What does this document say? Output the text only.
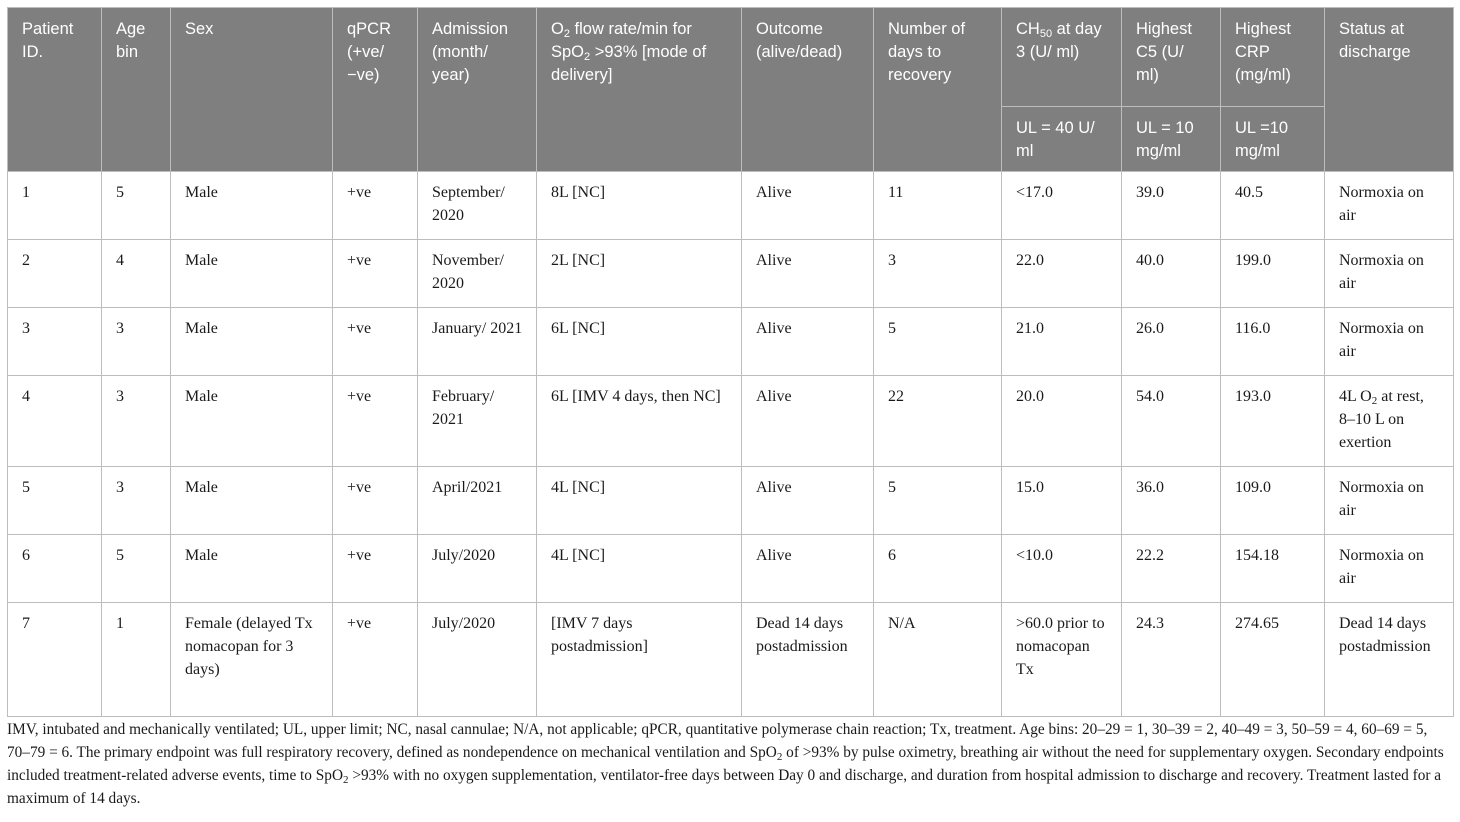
Patient ID.	Age bin	Sex	qPCR (+ve/−ve)	Admission (month/ year)	$O_2$ flow rate/min for SpO$_2$ >93% [mode of delivery]	Outcome (alive/dead)	Number of days to recovery	$CH_{50}$ at day 3 (U/ ml)	Highest C5 (U/ ml)	Highest CRP (mg/ml)	Status at discharge
								UL = 40 U/ ml	UL = 10 mg/ml	UL =10 mg/ml	
1	5	Male	+ve	September/ 2020	8L [NC]	Alive	11	<17.0	39.0	40.5	Normoxia on air
2	4	Male	+ve	November/ 2020	2L [NC]	Alive	3	22.0	40.0	199.0	Normoxia on air
3	3	Male	+ve	January/ 2021	6L [NC]	Alive	5	21.0	26.0	116.0	Normoxia on air
4	3	Male	+ve	February/ 2021	6L [IMV 4 days, then NC]	Alive	22	20.0	54.0	193.0	4L $O_2$ at rest, 8–10 L on exertion
5	3	Male	+ve	April/2021	4L [NC]	Alive	5	15.0	36.0	109.0	Normoxia on air
6	5	Male	+ve	July/2020	4L [NC]	Alive	6	<10.0	22.2	154.18	Normoxia on air
7	1	Female (delayed Tx nomacopan for 3 days)	+ve	July/2020	[IMV 7 days postadmission]	Dead 14 days postadmission	N/A	>60.0 prior to nomacopan Tx	24.3	274.65	Dead 14 days postadmission
IMV, intubated and mechanically ventilated; UL, upper limit; NC, nasal cannulae; N/A, not applicable; qPCR, quantitative polymerase chain reaction; Tx, treatment. Age bins: 20–29 = 1, 30–39 = 2, 40–49 = 3, 50–59 = 4, 60–69 = 5, 70–79 = 6. The primary endpoint was full respiratory recovery, defined as nondependence on mechanical ventilation and SpO$_2$ of >93% by pulse oximetry, breathing air without the need for supplementary oxygen. Secondary endpoints included treatment-related adverse events, time to SpO$_2$ >93% with no oxygen supplementation, ventilator-free days between Day 0 and discharge, and duration from hospital admission to discharge and recovery. Treatment lasted for a maximum of 14 days.
